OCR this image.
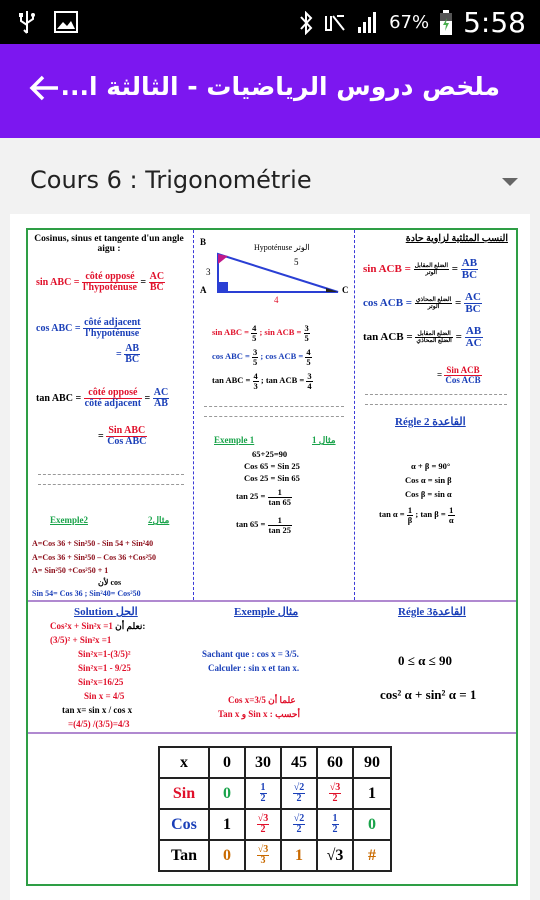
67% 5:58
ملخص دروس الرياضيات - الثالثة ا...
Cours 6 : Trigonométrie
Cosinus, sinus et tangente d'un angle aigu :
sin ABC = $\frac{\text{côté opposé}}{\text{l'hypoténuse}} = \frac{AC}{BC}$
cos ABC = $\frac{\text{côté adjacent}}{\text{l'hypoténuse}}$
= $\frac{AB}{BC}$
tan ABC = $\frac{\text{côté opposé}}{\text{côté adjacent}} = \frac{AC}{AB}$
= $\frac{\text{Sin ABC}}{\text{Cos ABC}}$
Exemple2	مثال2
A=Cos 36 + Sin²50 - Sin 54 + Sin²40
A=Cos 36 + Sin²50 – Cos 36 +Cos²50
A= Sin²50 +Cos²50 + 1
لأن cos
Sin 54= Cos 36 ; Sin²40= Cos²50
B
A	C
Hypoténuse الوتر
5
3
4
sin ABC = $\frac{4}{5}$ ; sin ACB = $\frac{3}{5}$
cos ABC = $\frac{3}{5}$ ; cos ACB = $\frac{4}{5}$
tan ABC = $\frac{4}{3}$ ; tan ACB = $\frac{3}{4}$
Exemple 1	مثال 1
65+25=90
Cos 65 = Sin 25
Cos 25 = Sin 65
$\tan 25 = \frac{1}{\tan 65}$
$\tan 65 = \frac{1}{\tan 25}$
النسب المثلثية لزاوية حادة
sin ACB = $\frac{\text{الضلع المقابل}}{\text{الوتر}} = \frac{AB}{BC}$
cos ACB = $\frac{\text{الضلع المحاذي}}{\text{الوتر}} = \frac{AC}{BC}$
tan ACB = $\frac{\text{الضلع المقابل}}{\text{الضلع المحاذي}} = \frac{AB}{AC}$
= $\frac{\text{Sin ACB}}{\text{Cos ACB}}$
Régle 2 القاعدة
α + β = 90°
Cos α = sin β
Cos β = sin α
$\tan \alpha = \frac{1}{\beta}$ ; $\tan \beta = \frac{1}{\alpha}$
Solution الحل
Cos²x + Sin²x =1 نعلم أن:
(3/5)² + Sin²x =1
Sin²x=1-(3/5)²
Sin²x=1 - 9/25
Sin²x=16/25
Sin x = 4/5
tan x= sin x / cos x
=(4/5) /(3/5)=4/3
Exemple مثال
Sachant que : cos x = 3/5.
Calculer : sin x et tan x.
Cos x=3/5 علما أن
Tan x و Sin x : أحسب
Régle 3القاعدة
0 ≤ α ≤ 90
cos² α + sin² α = 1
x	0	30	45	60	90
Sin	0	$\frac{1}{2}$	$\frac{√2}{2}$	$\frac{√3}{2}$	1
Cos	1	$\frac{√3}{2}$	$\frac{√2}{2}$	$\frac{1}{2}$	0
Tan	0	$\frac{√3}{3}$	1	√3	#
